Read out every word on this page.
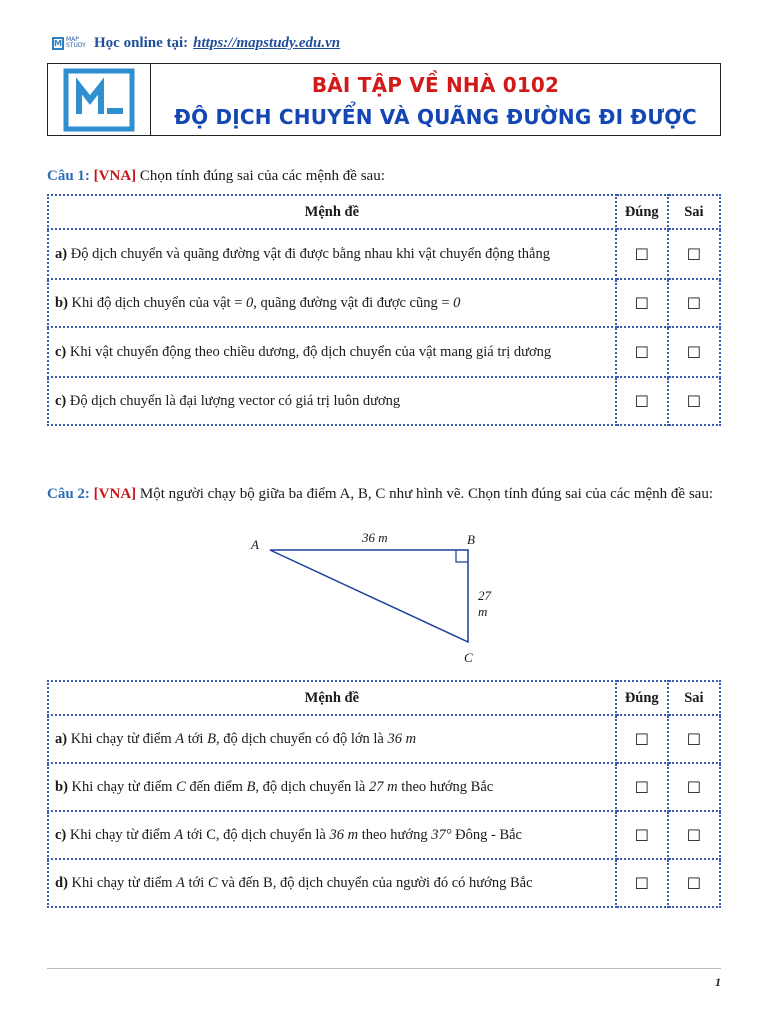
M MAP STUDY Học online tại: https://mapstudy.edu.vn
BÀI TẬP VỀ NHÀ 0102
ĐỘ DỊCH CHUYỂN VÀ QUÃNG ĐƯỜNG ĐI ĐƯỢC
Câu 1: [VNA] Chọn tính đúng sai của các mệnh đề sau:
Mệnh đề	Đúng	Sai
a) Độ dịch chuyển và quãng đường vật đi được bằng nhau khi vật chuyển động thẳng	☐	☐
b) Khi độ dịch chuyển của vật = 0, quãng đường vật đi được cũng = 0	☐	☐
c) Khi vật chuyển động theo chiều dương, độ dịch chuyển của vật mang giá trị dương	☐	☐
c) Độ dịch chuyển là đại lượng vector có giá trị luôn dương	☐	☐
Câu 2: [VNA] Một người chạy bộ giữa ba điểm A, B, C như hình vẽ. Chọn tính đúng sai của các mệnh đề sau:
A	B
C
36 m
27 m
Mệnh đề	Đúng	Sai
a) Khi chạy từ điểm A tới B, độ dịch chuyển có độ lớn là 36 m	☐	☐
b) Khi chạy từ điểm C đến điểm B, độ dịch chuyển là 27 m theo hướng Bắc	☐	☐
c) Khi chạy từ điểm A tới C, độ dịch chuyển là 36 m theo hướng 37° Đông - Bắc	☐	☐
d) Khi chạy từ điểm A tới C và đến B, độ dịch chuyển của người đó có hướng Bắc	☐	☐
1
